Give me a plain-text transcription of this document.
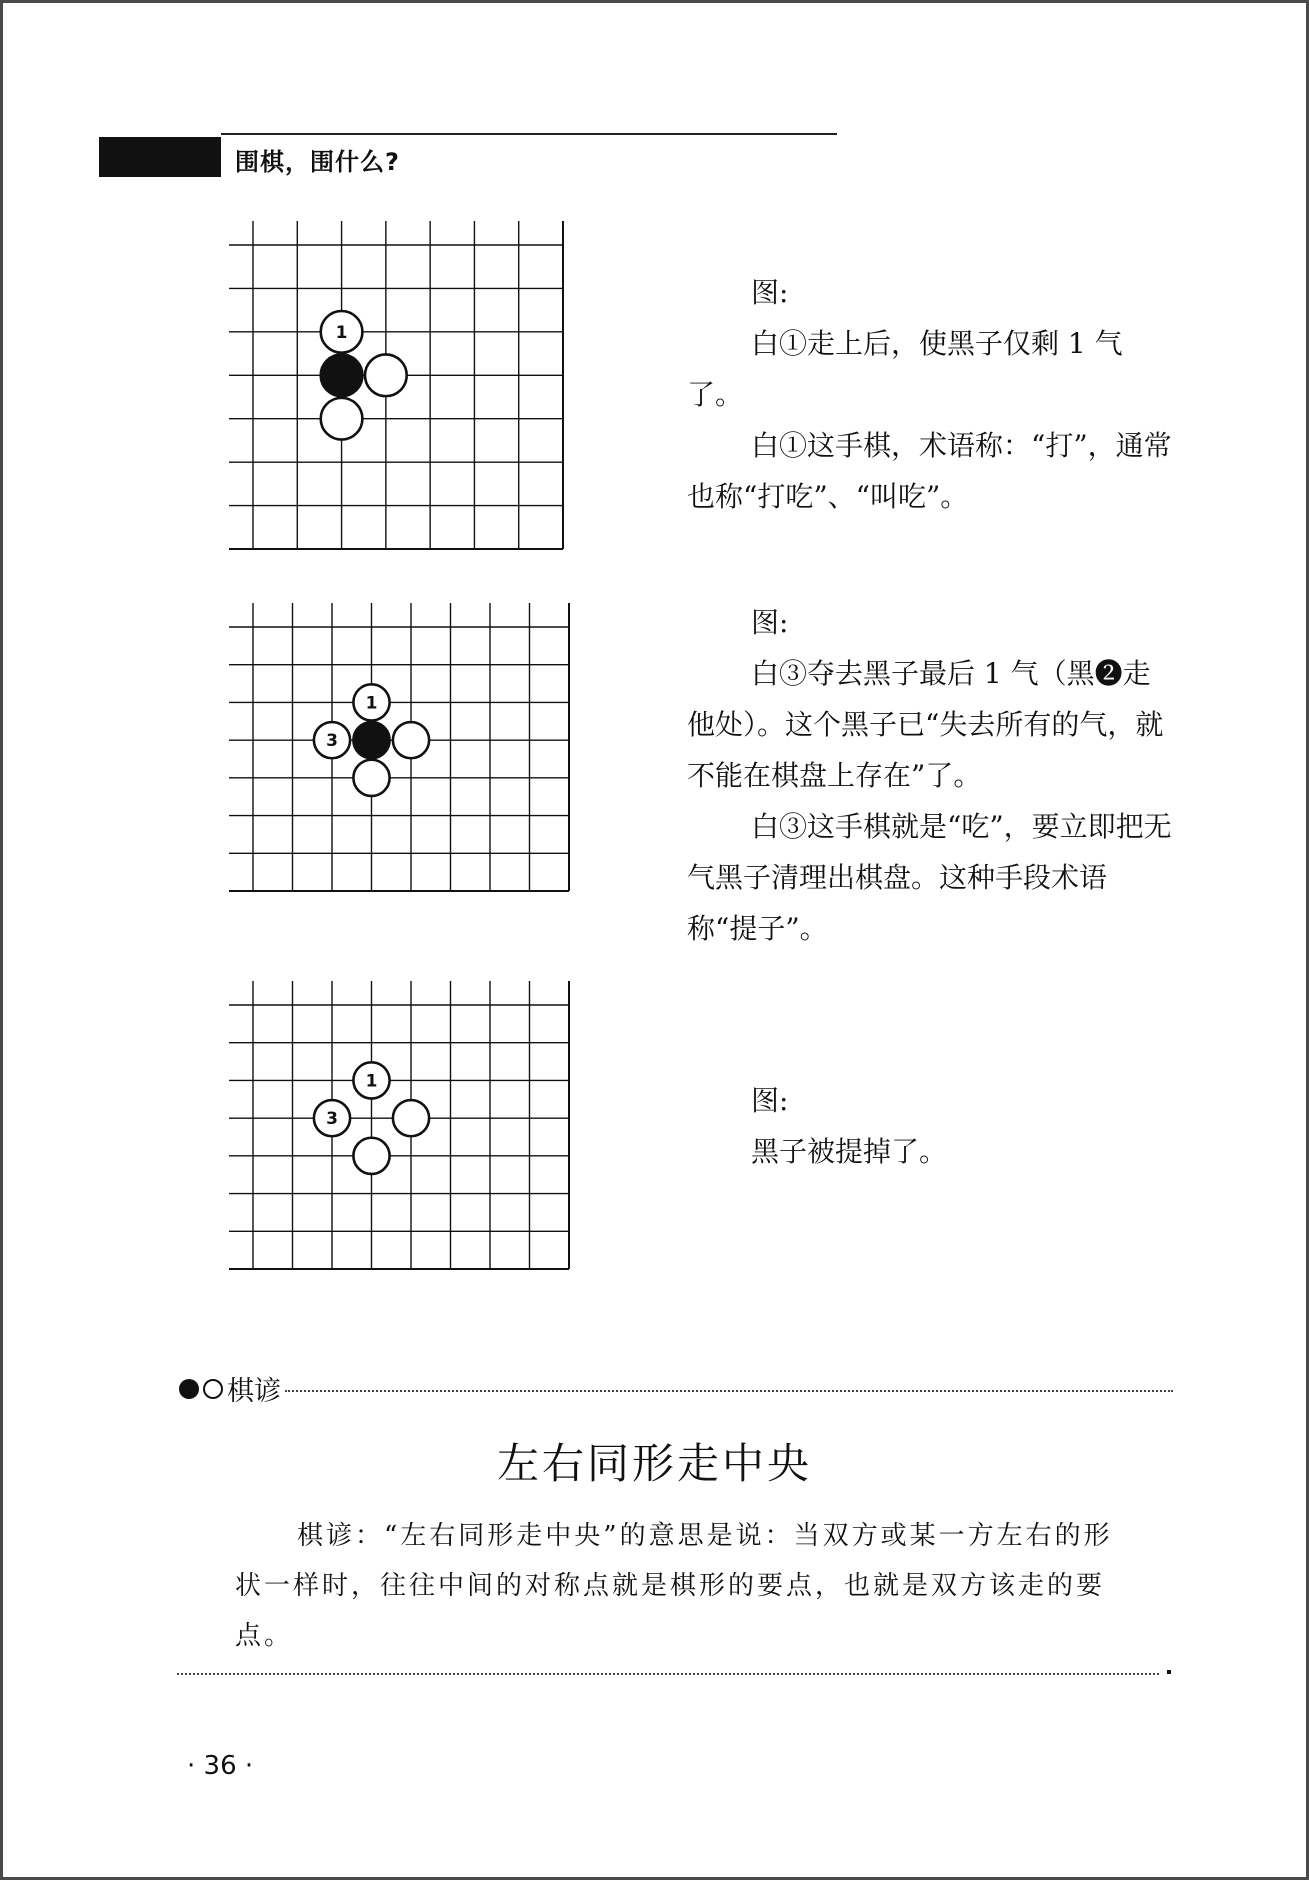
围棋，围什么?
1
图:

白①走上后，使黑子仅剩 1 气了。

白①这手棋，术语称：“打”，通常也称“打吃”、“叫吃”。

1
3
图:

白③夺去黑子最后 1 气（黑❷走他处）。这个黑子已“失去所有的气，就不能在棋盘上存在”了。

白③这手棋就是“吃”，要立即把无气黑子清理出棋盘。这种手段术语称“提子”。

1
3
图:
黑子被提掉了。
棋谚
左右同形走中央

棋谚：“左右同形走中央”的意思是说：当双方或某一方左右的形状一样时，往往中间的对称点就是棋形的要点，也就是双方该走的要点。

· 36 ·
